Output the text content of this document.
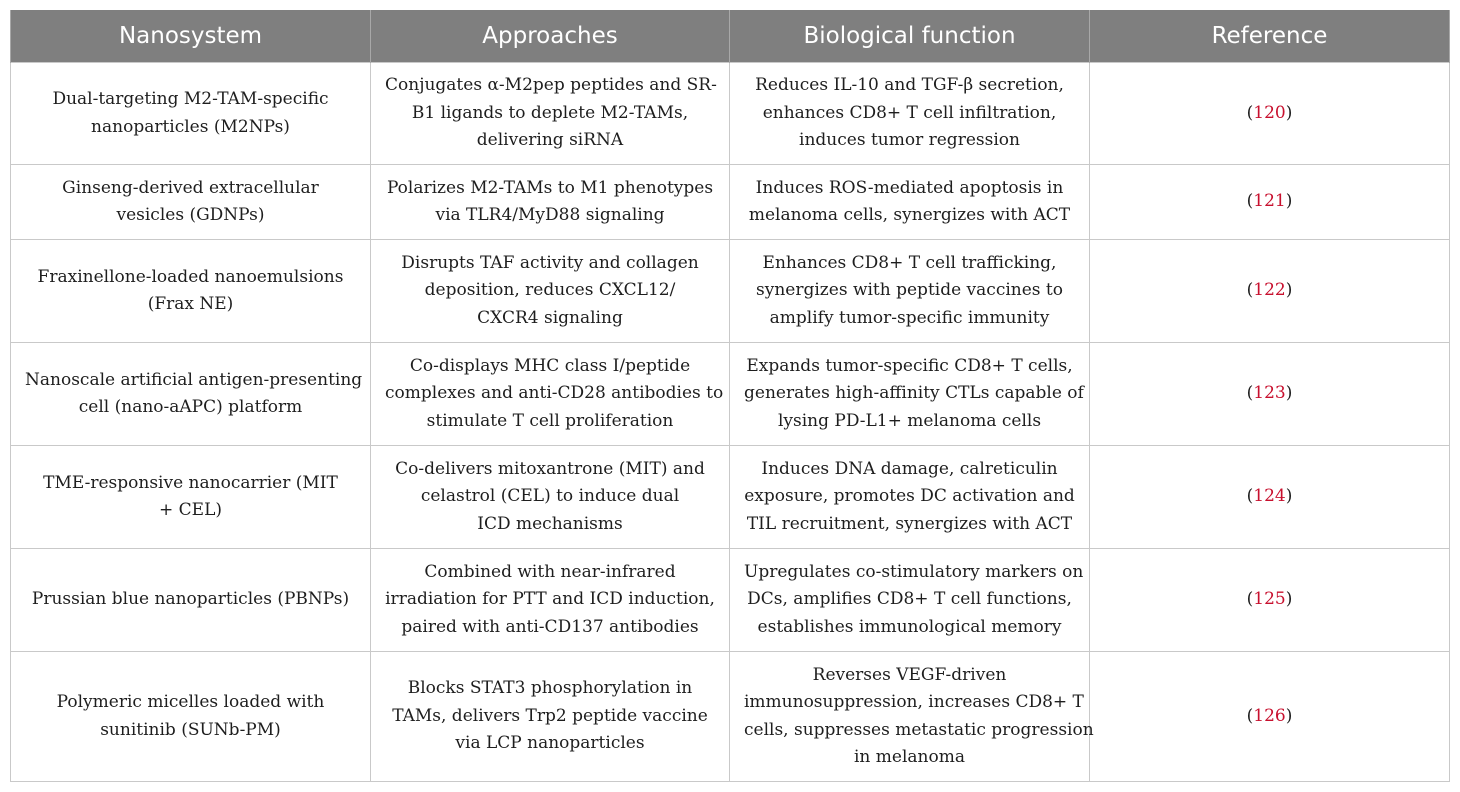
Nanosystem	Approaches	Biological function	Reference

Dual-targeting M2-TAM-specific
nanoparticles (M2NPs)	Conjugates α-M2pep peptides and SR-
B1 ligands to deplete M2-TAMs,
delivering siRNA	Reduces IL-10 and TGF-β secretion,
enhances CD8+ T cell infiltration,
induces tumor regression	(120)

Ginseng-derived extracellular
vesicles (GDNPs)	Polarizes M2-TAMs to M1 phenotypes
via TLR4/MyD88 signaling	Induces ROS-mediated apoptosis in
melanoma cells, synergizes with ACT	(121)

Fraxinellone-loaded nanoemulsions
(Frax NE)	Disrupts TAF activity and collagen
deposition, reduces CXCL12/
CXCR4 signaling	Enhances CD8+ T cell trafficking,
synergizes with peptide vaccines to
amplify tumor-specific immunity	(122)

Nanoscale artificial antigen-presenting
cell (nano-aAPC) platform	Co-displays MHC class I/peptide
complexes and anti-CD28 antibodies to
stimulate T cell proliferation	Expands tumor-specific CD8+ T cells,
generates high-affinity CTLs capable of
lysing PD-L1+ melanoma cells	(123)

TME-responsive nanocarrier (MIT
+ CEL)	Co-delivers mitoxantrone (MIT) and
celastrol (CEL) to induce dual
ICD mechanisms	Induces DNA damage, calreticulin
exposure, promotes DC activation and
TIL recruitment, synergizes with ACT	(124)

Prussian blue nanoparticles (PBNPs)	Combined with near-infrared
irradiation for PTT and ICD induction,
paired with anti-CD137 antibodies	Upregulates co-stimulatory markers on
DCs, amplifies CD8+ T cell functions,
establishes immunological memory	(125)

Polymeric micelles loaded with
sunitinib (SUNb-PM)	Blocks STAT3 phosphorylation in
TAMs, delivers Trp2 peptide vaccine
via LCP nanoparticles	Reverses VEGF-driven
immunosuppression, increases CD8+ T
cells, suppresses metastatic progression
in melanoma	(126)
